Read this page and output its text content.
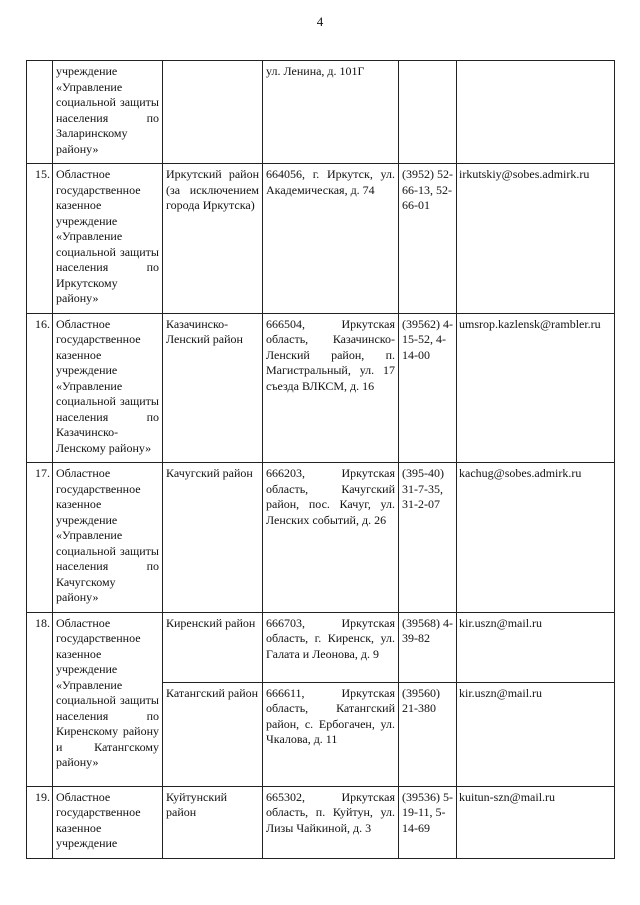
4
	учреждение «Управление социальной защиты населения по Заларинскому району»		ул. Ленина, д. 101Г		
15.	Областное государственное казенное учреждение «Управление социальной защиты населения по Иркутскому району»	Иркутский район (за исключением города Иркутска)	664056, г. Иркутск, ул. Академическая, д. 74	(3952) 52-66-13, 52-66-01	irkutskiy@sobes.admirk.ru
16.	Областное государственное казенное учреждение «Управление социальной защиты населения по Казачинско-Ленскому району»	Казачинско-Ленский район	666504, Иркутская область, Казачинско-Ленский район, п. Магистральный, ул. 17 съезда ВЛКСМ, д. 16	(39562) 4-15-52, 4-14-00	umsrop.kazlensk@rambler.ru
17.	Областное государственное казенное учреждение «Управление социальной защиты населения по Качугскому району»	Качугский район	666203, Иркутская область, Качугский район, пос. Качуг, ул. Ленских событий, д. 26	(395-40) 31-7-35, 31-2-07	kachug@sobes.admirk.ru
18.	Областное государственное казенное учреждение «Управление социальной защиты населения по Киренскому району и Катангскому району»	Киренский район	666703, Иркутская область, г. Киренск, ул. Галата и Леонова, д. 9	(39568) 4-39-82	kir.uszn@mail.ru
		Катангский район	666611, Иркутская область, Катангский район, с. Ербогачен, ул. Чкалова, д. 11	(39560) 21-380	kir.uszn@mail.ru
19.	Областное государственное казенное учреждение	Куйтунский район	665302, Иркутская область, п. Куйтун, ул. Лизы Чайкиной, д. 3	(39536) 5-19-11, 5-14-69	kuitun-szn@mail.ru
